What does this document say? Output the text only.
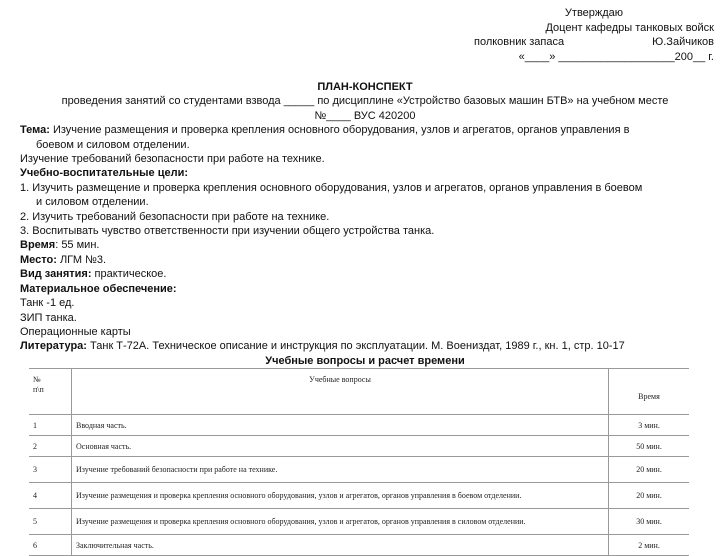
Утверждаю
Доцент кафедры танковых войск
полковник запаса	Ю.Зайчиков
«____» ___________________200__ г.
ПЛАН-КОНСПЕКТ
проведения занятий со студентами взвода _____ по дисциплине «Устройство базовых машин БТВ» на учебном месте
№____ ВУС 420200
Тема: Изучение размещения и проверка крепления основного оборудования, узлов и агрегатов, органов управления в
боевом и силовом отделении.
Изучение требований безопасности при работе на технике.
Учебно-воспитательные цели:
1. Изучить размещение и проверка крепления основного оборудования, узлов и агрегатов, органов управления в боевом
и силовом отделении.
2. Изучить требований безопасности при работе на технике.
3. Воспитывать чувство ответственности при изучении общего устройства танка.
Время: 55 мин.
Место: ЛГМ №3.
Вид занятия: практическое.
Материальное обеспечение:
Танк -1 ед.
ЗИП танка.
Операционные карты
Литература: Танк Т-72А. Техническое описание и инструкция по эксплуатации. М. Воениздат, 1989 г., кн. 1, стр. 10-17
Учебные вопросы и расчет времени
№
п\п	Учебные вопросы	Время
1	Вводная часть.	3 мин.
2	Основная часть.	50 мин.
3	Изучение требований безопасности при работе на технике.	20 мин.
4	Изучение размещения и проверка крепления основного оборудования, узлов и агрегатов, органов управления в боевом отделении.	20 мин.
5	Изучение размещения и проверка крепления основного оборудования, узлов и агрегатов, органов управления в силовом отделении.	30 мин.
6	Заключительная часть.	2 мин.
